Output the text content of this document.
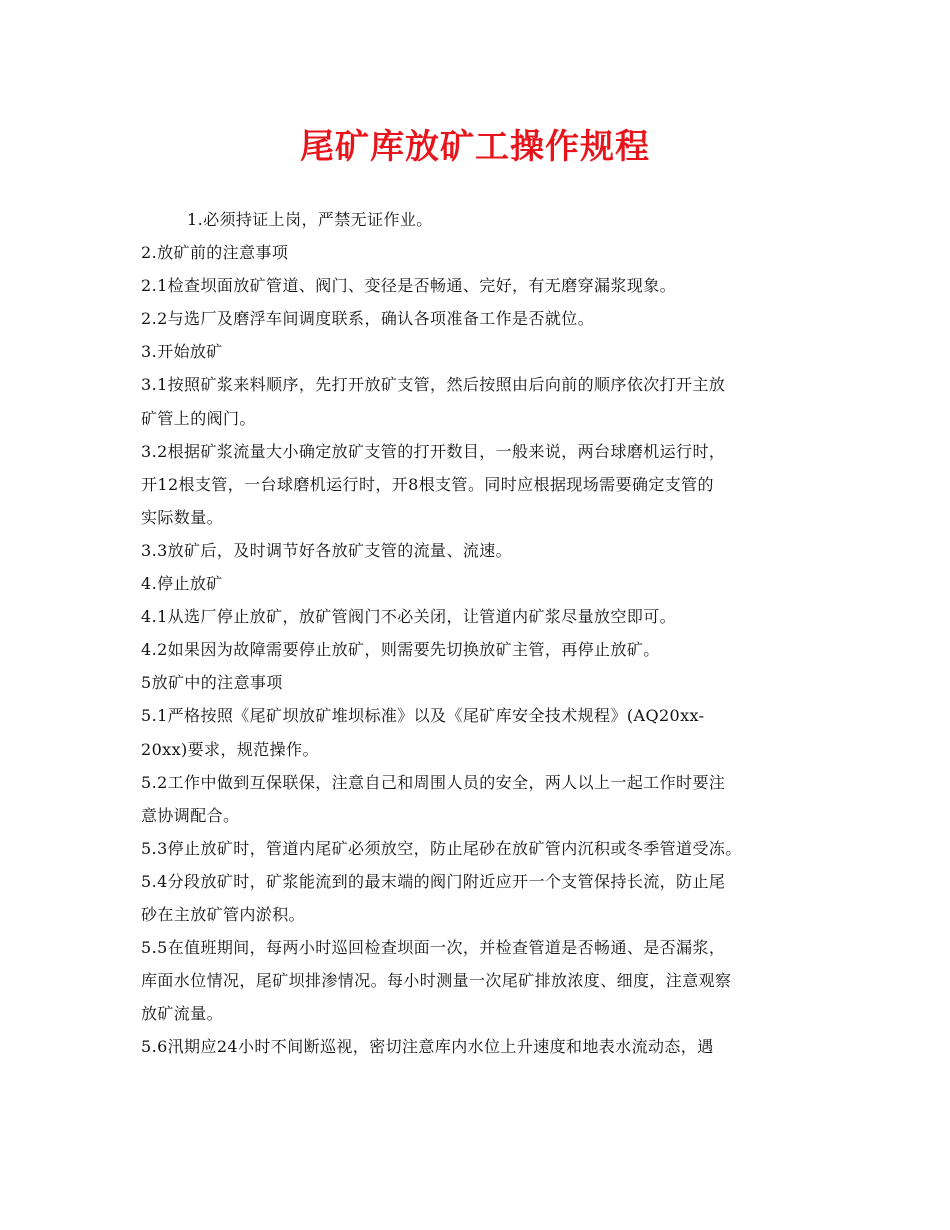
尾矿库放矿工操作规程
1.必须持证上岗，严禁无证作业。
2.放矿前的注意事项
2.1检查坝面放矿管道、阀门、变径是否畅通、完好，有无磨穿漏浆现象。
2.2与选厂及磨浮车间调度联系，确认各项准备工作是否就位。
3.开始放矿
3.1按照矿浆来料顺序，先打开放矿支管，然后按照由后向前的顺序依次打开主放
矿管上的阀门。
3.2根据矿浆流量大小确定放矿支管的打开数目，一般来说，两台球磨机运行时，
开12根支管，一台球磨机运行时，开8根支管。同时应根据现场需要确定支管的
实际数量。
3.3放矿后，及时调节好各放矿支管的流量、流速。
4.停止放矿
4.1从选厂停止放矿，放矿管阀门不必关闭，让管道内矿浆尽量放空即可。
4.2如果因为故障需要停止放矿，则需要先切换放矿主管，再停止放矿。
5放矿中的注意事项
5.1严格按照《尾矿坝放矿堆坝标准》以及《尾矿库安全技术规程》(AQ20xx-
20xx)要求，规范操作。
5.2工作中做到互保联保，注意自己和周围人员的安全，两人以上一起工作时要注
意协调配合。
5.3停止放矿时，管道内尾矿必须放空，防止尾砂在放矿管内沉积或冬季管道受冻。
5.4分段放矿时，矿浆能流到的最末端的阀门附近应开一个支管保持长流，防止尾
砂在主放矿管内淤积。
5.5在值班期间，每两小时巡回检查坝面一次，并检查管道是否畅通、是否漏浆，
库面水位情况，尾矿坝排渗情况。每小时测量一次尾矿排放浓度、细度，注意观察
放矿流量。
5.6汛期应24小时不间断巡视，密切注意库内水位上升速度和地表水流动态，遇
